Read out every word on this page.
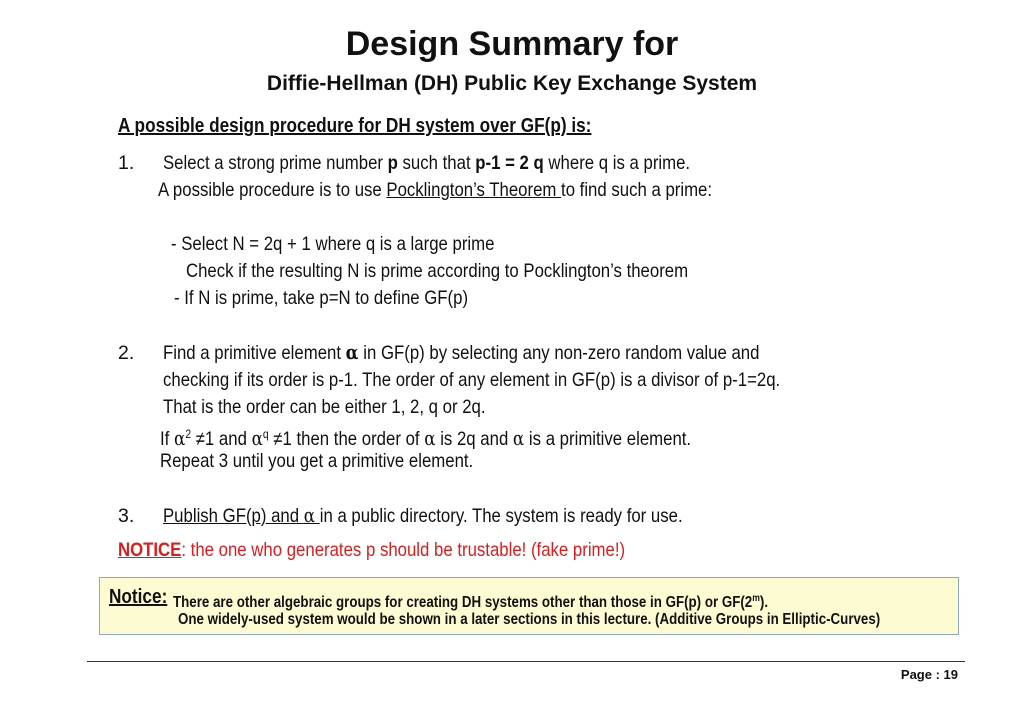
Design Summary for
Diffie-Hellman (DH) Public Key Exchange System
A possible design procedure for DH system over GF(p) is:
1. Select a strong prime number p such that p-1 = 2 q where q is a prime.
A possible procedure is to use Pocklington’s Theorem to find such a prime:
- Select N = 2q + 1 where q is a large prime
Check if the resulting N is prime according to Pocklington’s theorem
- If N is prime, take p=N to define GF(p)
2. Find a primitive element α in GF(p) by selecting any non-zero random value and
checking if its order is p-1. The order of any element in GF(p) is a divisor of p-1=2q.
That is the order can be either 1, 2, q or 2q.
If $\alpha^2 \ne 1$ and $\alpha^q \ne 1$ then the order of α is 2q and α is a primitive element.
Repeat 3 until you get a primitive element.
3. Publish GF(p) and α in a public directory. The system is ready for use.
NOTICE: the one who generates p should be trustable! (fake prime!)
Notice: There are other algebraic groups for creating DH systems other than those in GF(p) or GF(2$^m$).
One widely-used system would be shown in a later sections in this lecture. (Additive Groups in Elliptic-Curves)
Page : 19
